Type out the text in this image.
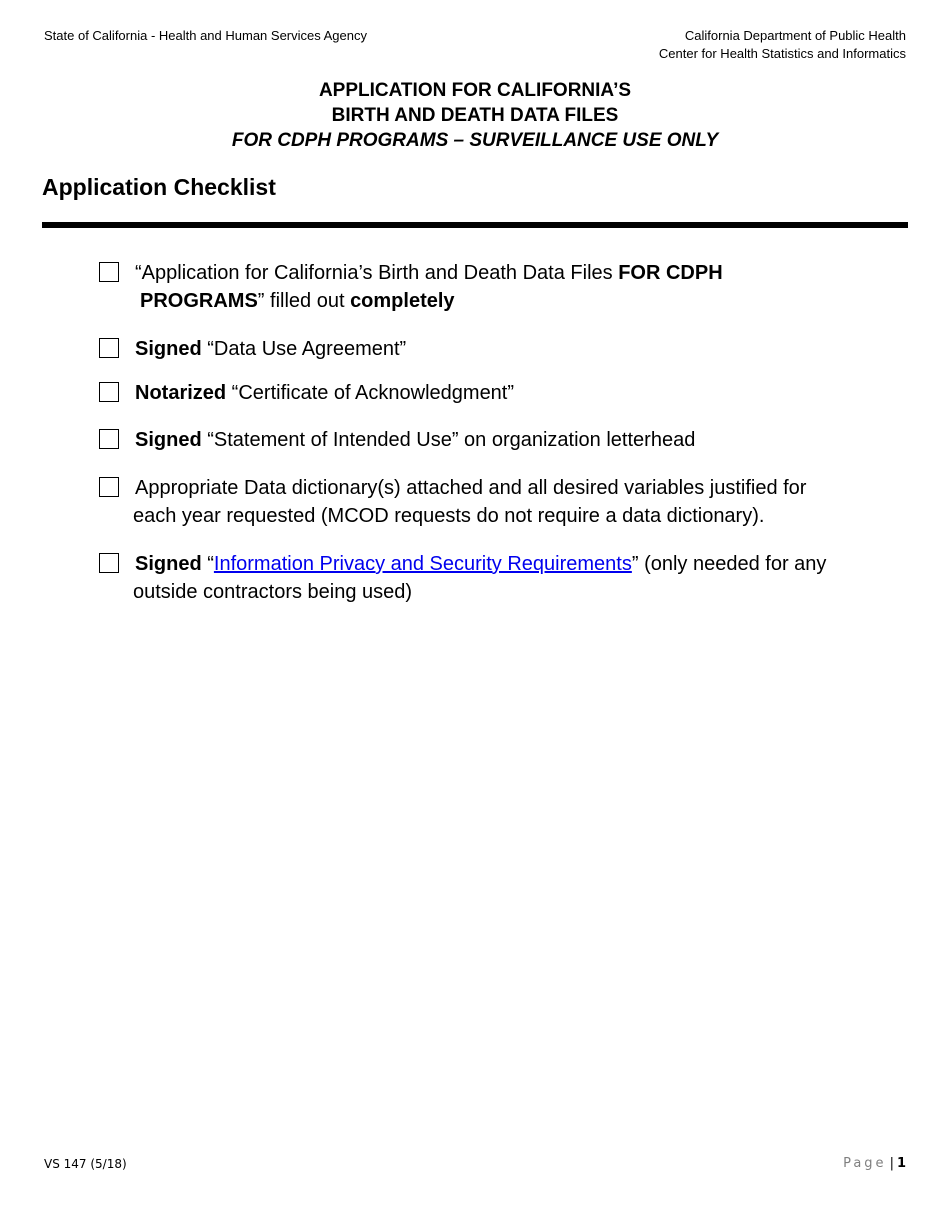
State of California - Health and Human Services Agency	California Department of Public Health
Center for Health Statistics and Informatics
APPLICATION FOR CALIFORNIA’S
BIRTH AND DEATH DATA FILES
FOR CDPH PROGRAMS – SURVEILLANCE USE ONLY
Application Checklist
“Application for California’s Birth and Death Data Files FOR CDPH
PROGRAMS” filled out completely
Signed “Data Use Agreement”
Notarized “Certificate of Acknowledgment”
Signed “Statement of Intended Use” on organization letterhead
Appropriate Data dictionary(s) attached and all desired variables justified for
each year requested (MCOD requests do not require a data dictionary).
Signed “Information Privacy and Security Requirements” (only needed for any
outside contractors being used)
VS 147 (5/18)	Page | 1
